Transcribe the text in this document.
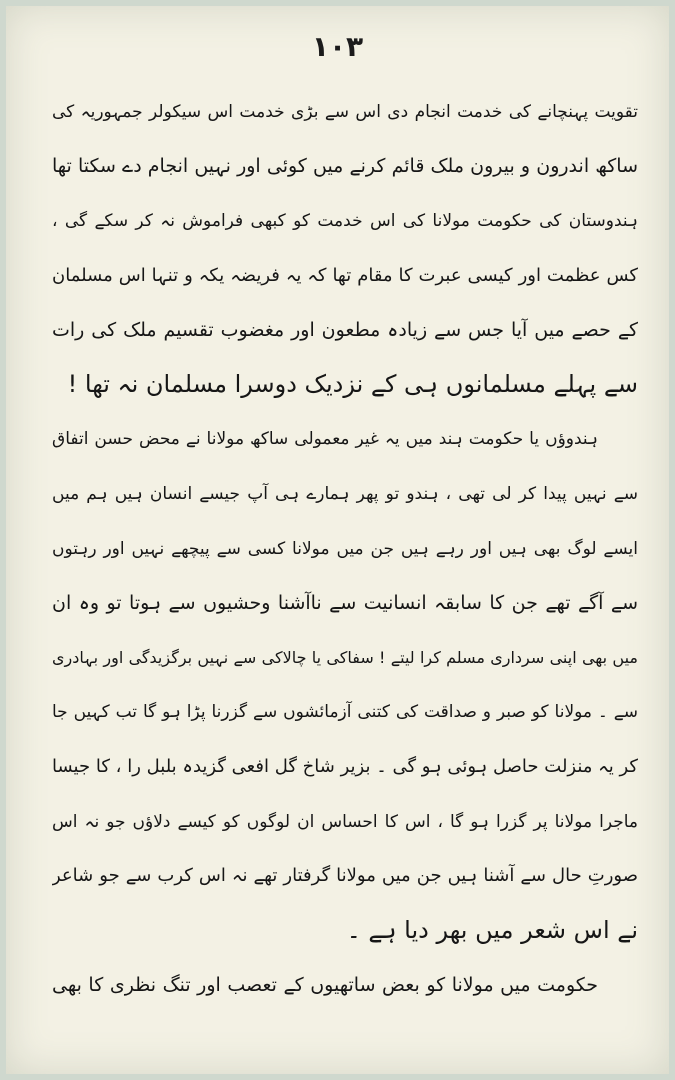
۱۰۳
تقویت پہنچانے کی خدمت انجام دی اس سے بڑی خدمت اس سیکولر جمہوریہ کی
ساکھ اندرون و بیرون ملک قائم کرنے میں کوئی اور نہیں انجام دے سکتا تھا
ہندوستان کی حکومت مولانا کی اس خدمت کو کبھی فراموش نہ کر سکے گی ،
کس عظمت اور کیسی عبرت کا مقام تھا کہ یہ فریضہ یکہ و تنہا اس مسلمان
کے حصے میں آیا جس سے زیادہ مطعون اور مغضوب تقسیم ملک کی رات
سے پہلے مسلمانوں ہی کے نزدیک دوسرا مسلمان نہ تھا !
ہندوؤں یا حکومت ہند میں یہ غیر معمولی ساکھ مولانا نے محض حسن اتفاق
سے نہیں پیدا کر لی تھی ، ہندو تو پھر ہمارے ہی آپ جیسے انسان ہیں ہم میں
ایسے لوگ بھی ہیں اور رہے ہیں جن میں مولانا کسی سے پیچھے نہیں اور رہتوں
سے آگے تھے جن کا سابقہ انسانیت سے ناآشنا وحشیوں سے ہوتا تو وہ ان
میں بھی اپنی سرداری مسلم کرا لیتے ! سفاکی یا چالاکی سے نہیں برگزیدگی اور بہادری
سے ۔ مولانا کو صبر و صداقت کی کتنی آزمائشوں سے گزرنا پڑا ہو گا تب کہیں جا
کر یہ منزلت حاصل ہوئی ہو گی ۔ بزیر شاخ گل افعی گزیدہ بلبل را ، کا جیسا
ماجرا مولانا پر گزرا ہو گا ، اس کا احساس ان لوگوں کو کیسے دلاؤں جو نہ اس
صورتِ حال سے آشنا ہیں جن میں مولانا گرفتار تھے نہ اس کرب سے جو شاعر
نے اس شعر میں بھر دیا ہے ۔
حکومت میں مولانا کو بعض ساتھیوں کے تعصب اور تنگ نظری کا بھی
